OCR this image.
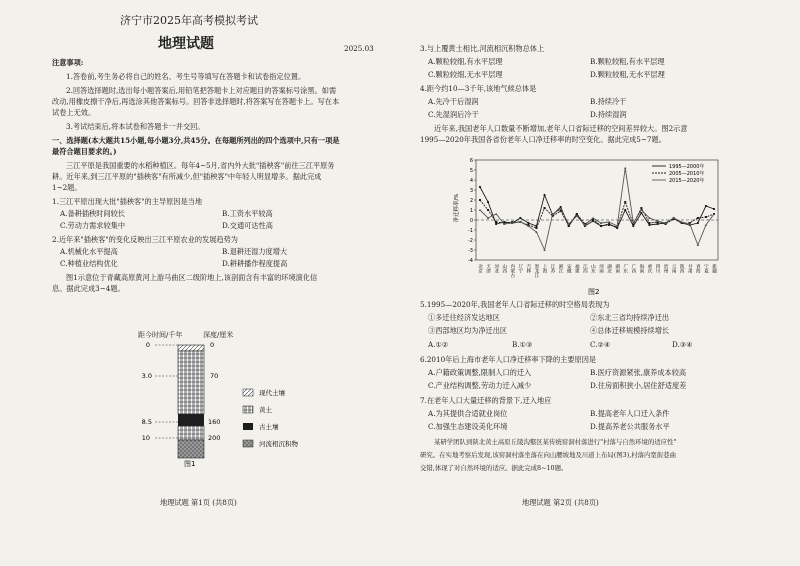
济宁市2025年高考模拟考试
地理试题	2025.03
注意事项:
1.答卷前,考生务必将自己的姓名、考生号等填写在答题卡和试卷指定位置。
2.回答选择题时,选出每小题答案后,用铅笔把答题卡上对应题目的答案标号涂黑。如需
改动,用橡皮擦干净后,再选涂其他答案标号。回答非选择题时,将答案写在答题卡上。写在本
试卷上无效。
3.考试结束后,将本试卷和答题卡一并交回。
一、选择题(本大题共15小题,每小题3分,共45分。在每题所列出的四个选项中,只有一项是
最符合题目要求的。)
三江平原是我国重要的水稻种植区。每年4~5月,省内外大批"插秧客"前往三江平原务
耕。近年来,到三江平原的"插秧客"有所减少,但"插秧客"中年轻人明显增多。据此完成
1~2题。
1.三江平原出现大批"插秧客"的主导原因是当地
A.备耕插秧时间较长	B.工资水平较高
C.劳动力需求较集中	D.交通可达性高
2.近年来"插秧客"的变化反映出三江平原农业的发展趋势为
A.机械化水平提高	B.退耕还湿力度增大
C.种植业结构优化	D.耕耕播作程度提高
图1示意位于青藏高原黄河上游马曲区二级阶地上,该剖面含有丰富的环境演化信
息。据此完成3~4题。
距今时间/千年	深度/厘米
0
3.0
8.5
10
0
70
160
200
现代土壤
黄土
古土壤
河流相沉积物
图1
地理试题 第1页 (共8页)
3.与上覆黄土相比,河流相沉积物总体上
A.颗粒较细,有水平层理	B.颗粒较粗,有水平层理
C.颗粒较细,无水平层理	D.颗粒较粗,无水平层理
4.距今约10—3千年,该地气候总体是
A.先冷干后湿润	B.持续冷干
C.先湿润后冷干	D.持续湿润
近年来,我国老年人口数量不断增加,老年人口省际迁移的空间差异较大。图2示意
1995—2020年我国各省份老年人口净迁移率的时空变化。据此完成5~7题。
净迁移率/%
6
5
4
3
2
1
0
-1
-2
-3
-4
北京 天津 河北 山西 内蒙古 辽宁 吉林 黑龙江 上海 江苏 浙江 安徽 福建 江西 山东 河南 湖北 湖南 广东 广西 海南 重庆 四川 贵州 云南 陕西 甘肃 青海 宁夏 新疆
1995—2000年
2005—2010年
2015—2020年
图2
5.1995—2020年,我国老年人口省际迁移的时空格局表现为
①多迁往经济发达地区	②东北三省均持续净迁出
③西部地区均为净迁出区	④总体迁移规模持续增长
A.①②	B.①③	C.②④	D.③④
6.2010年后上海市老年人口净迁移率下降的主要原因是
A.户籍政策调整,限制人口的迁入	B.医疗资源紧张,康养成本较高
C.产业结构调整,劳动力迁入减少	D.住房面积狭小,居住舒适度差
7.在老年人口大量迁移的背景下,迁入地应
A.为其提供合适就业岗位	B.提高老年人口迁入条件
C.加强生态建设美化环境	D.提高养老公共服务水平
某研学团队到陕北黄土高原丘陵沟壑区某传统窑洞村落进行"村落与自然环境的适应性"
研究。在实地考察后发现,该窑洞村落坐落在向山腰坡地及川道上布局(图3),村落内宽街巷曲
交错,体现了对自然环境的适应。据此完成8~10题。
地理试题 第2页 (共8页)
